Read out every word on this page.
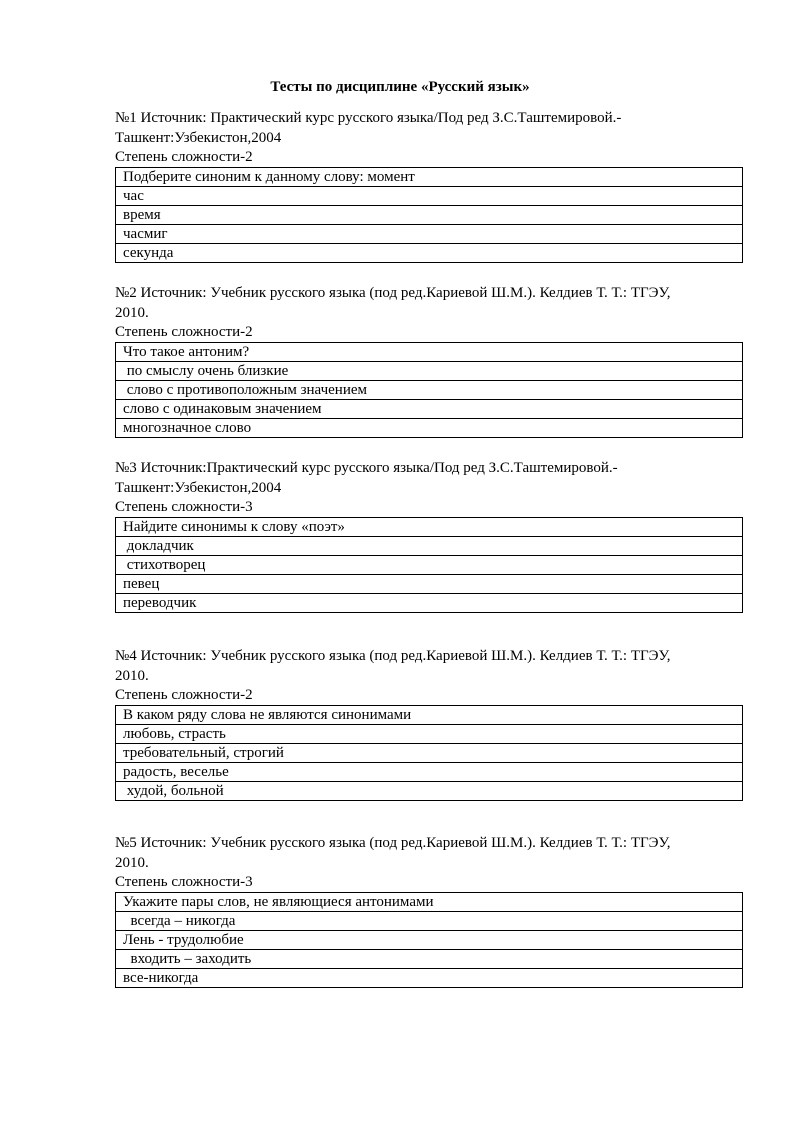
Тесты по дисциплине «Русский язык»
№1 Источник: Практический курс русского языка/Под ред З.С.Таштемировой.-
Ташкент:Узбекистон,2004
Степень сложности-2
Подберите синоним к данному слову: момент
час
время
часмиг
секунда
№2 Источник: Учебник русского языка (под ред.Кариевой Ш.М.). Келдиев Т. Т.: ТГЭУ,
2010.
Степень сложности-2
Что такое антоним?
по смыслу очень близкие
слово с противоположным значением
слово с одинаковым значением
многозначное слово
№3 Источник:Практический курс русского языка/Под ред З.С.Таштемировой.-
Ташкент:Узбекистон,2004
Степень сложности-3
Найдите синонимы к слову «поэт»
докладчик
стихотворец
певец
переводчик
№4 Источник: Учебник русского языка (под ред.Кариевой Ш.М.). Келдиев Т. Т.: ТГЭУ,
2010.
Степень сложности-2
В каком ряду слова не являются синонимами
любовь, страсть
требовательный, строгий
радость, веселье
худой, больной
№5 Источник: Учебник русского языка (под ред.Кариевой Ш.М.). Келдиев Т. Т.: ТГЭУ,
2010.
Степень сложности-3
Укажите пары слов, не являющиеся антонимами
всегда – никогда
Лень - трудолюбие
входить – заходить
все-никогда
